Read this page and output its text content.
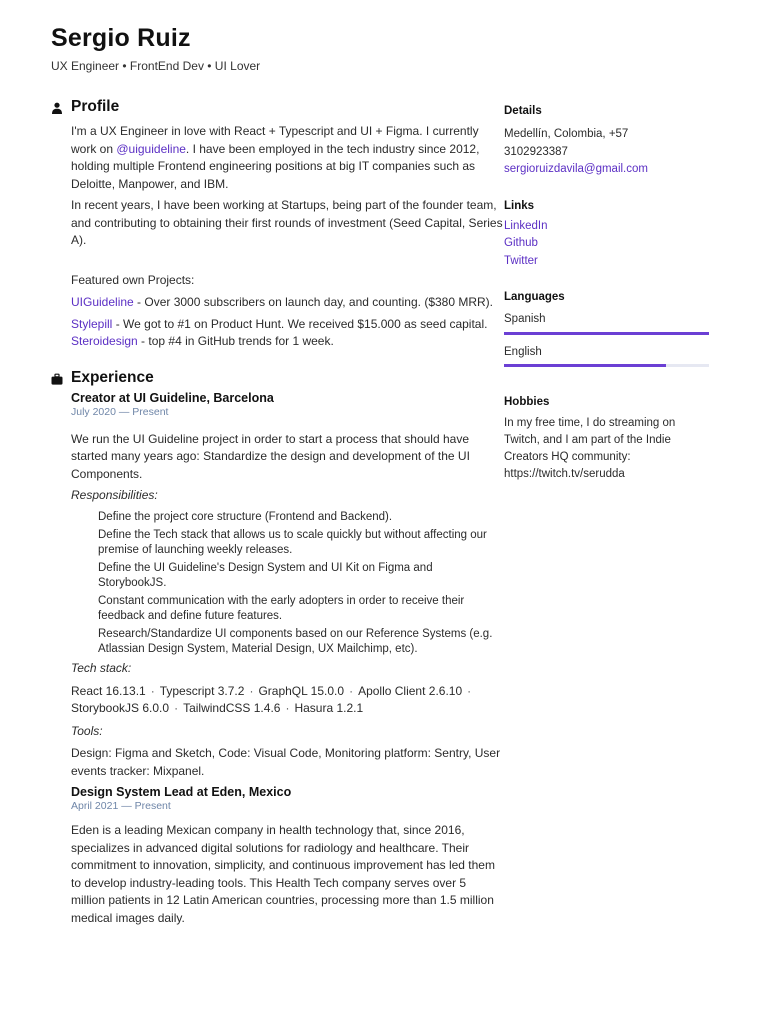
Sergio Ruiz
UX Engineer • FrontEnd Dev • UI Lover
Profile

I'm a UX Engineer in love with React + Typescript and UI + Figma. I currently work on @uiguideline. I have been employed in the tech industry since 2012, holding multiple Frontend engineering positions at big IT companies such as Deloitte, Manpower, and IBM.

In recent years, I have been working at Startups, being part of the founder team, and contributing to obtaining their first rounds of investment (Seed Capital, Series A).

Featured own Projects:

UIGuideline - Over 3000 subscribers on launch day, and counting. ($380 MRR).

Stylepill - We got to #1 on Product Hunt. We received $15.000 as seed capital.

Steroidesign - top #4 in GitHub trends for 1 week.

Experience
Creator at UI Guideline, Barcelona
July 2020 — Present

We run the UI Guideline project in order to start a process that should have started many years ago: Standardize the design and development of the UI Components.

Responsibilities:

Define the project core structure (Frontend and Backend).
Define the Tech stack that allows us to scale quickly but without affecting our premise of launching weekly releases.
Define the UI Guideline's Design System and UI Kit on Figma and StorybookJS.
Constant communication with the early adopters in order to receive their feedback and define future features.
Research/Standardize UI components based on our Reference Systems (e.g. Atlassian Design System, Material Design, UX Mailchimp, etc).

Tech stack:

React 16.13.1 · Typescript 3.7.2 · GraphQL 15.0.0 · Apollo Client 2.6.10 ·StorybookJS 6.0.0 · TailwindCSS 1.4.6 · Hasura 1.2.1

Tools:

Design: Figma and Sketch, Code: Visual Code, Monitoring platform: Sentry, User events tracker: Mixpanel.

Design System Lead at Eden, Mexico
April 2021 — Present

Eden is a leading Mexican company in health technology that, since 2016, specializes in advanced digital solutions for radiology and healthcare. Their commitment to innovation, simplicity, and continuous improvement has led them to develop industry-leading tools. This Health Tech company serves over 5 million patients in 12 Latin American countries, processing more than 1.5 million medical images daily.

Details

Medellín, Colombia, +57

3102923387

sergioruizdavila@gmail.com

Links

LinkedIn

Github

Twitter

Languages

Spanish

English

Hobbies

In my free time, I do streaming on Twitch, and I am part of the Indie Creators HQ community: https://twitch.tv/serudda
